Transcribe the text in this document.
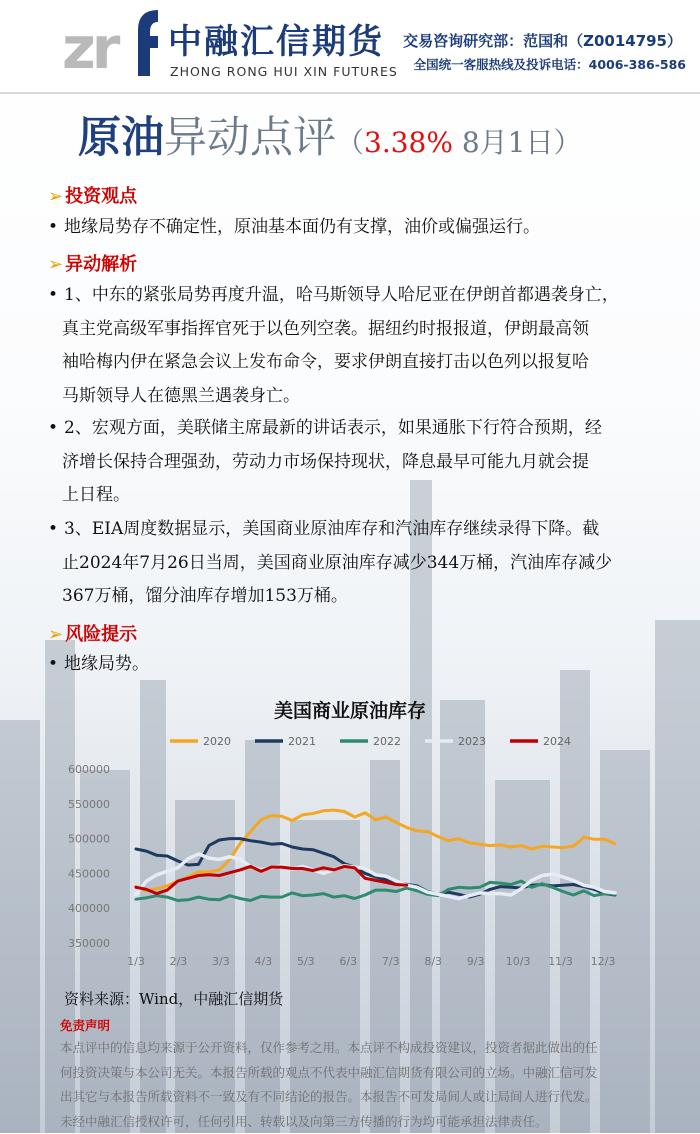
zr 中融汇信期货
ZHONG RONG HUI XIN FUTURES
交易咨询研究部：范国和（Z0014795）
全国统一客服热线及投诉电话：4006-386-586
原油异动点评（3.38% 8月1日）
➢ 投资观点
• 地缘局势存不确定性，原油基本面仍有支撑，油价或偏强运行。
➢ 异动解析
• 1、中东的紧张局势再度升温，哈马斯领导人哈尼亚在伊朗首都遇袭身亡，
真主党高级军事指挥官死于以色列空袭。据纽约时报报道，伊朗最高领
袖哈梅内伊在紧急会议上发布命令，要求伊朗直接打击以色列以报复哈
马斯领导人在德黑兰遇袭身亡。
• 2、宏观方面，美联储主席最新的讲话表示，如果通胀下行符合预期，经
济增长保持合理强劲，劳动力市场保持现状，降息最早可能九月就会提
上日程。
• 3、EIA周度数据显示，美国商业原油库存和汽油库存继续录得下降。截
止2024年7月26日当周，美国商业原油库存减少344万桶，汽油库存减少
367万桶，馏分油库存增加153万桶。
➢ 风险提示
• 地缘局势。
美国商业原油库存
600000
550000
500000
450000
400000
350000
1/3 2/3 3/3 4/3 5/3 6/3 7/3 8/3 9/3 10/3 11/3 12/3
2020	2021	2022	2023	2024
资料来源：Wind，中融汇信期货
免责声明
本点评中的信息均来源于公开资料，仅作参考之用。本点评不构成投资建议，投资者据此做出的任
何投资决策与本公司无关。本报告所载的观点不代表中融汇信期货有限公司的立场。中融汇信可发
出其它与本报告所载资料不一致及有不同结论的报告。本报告不可发局间人或让局间人进行代发。
未经中融汇信授权许可，任何引用、转载以及向第三方传播的行为均可能承担法律责任。
